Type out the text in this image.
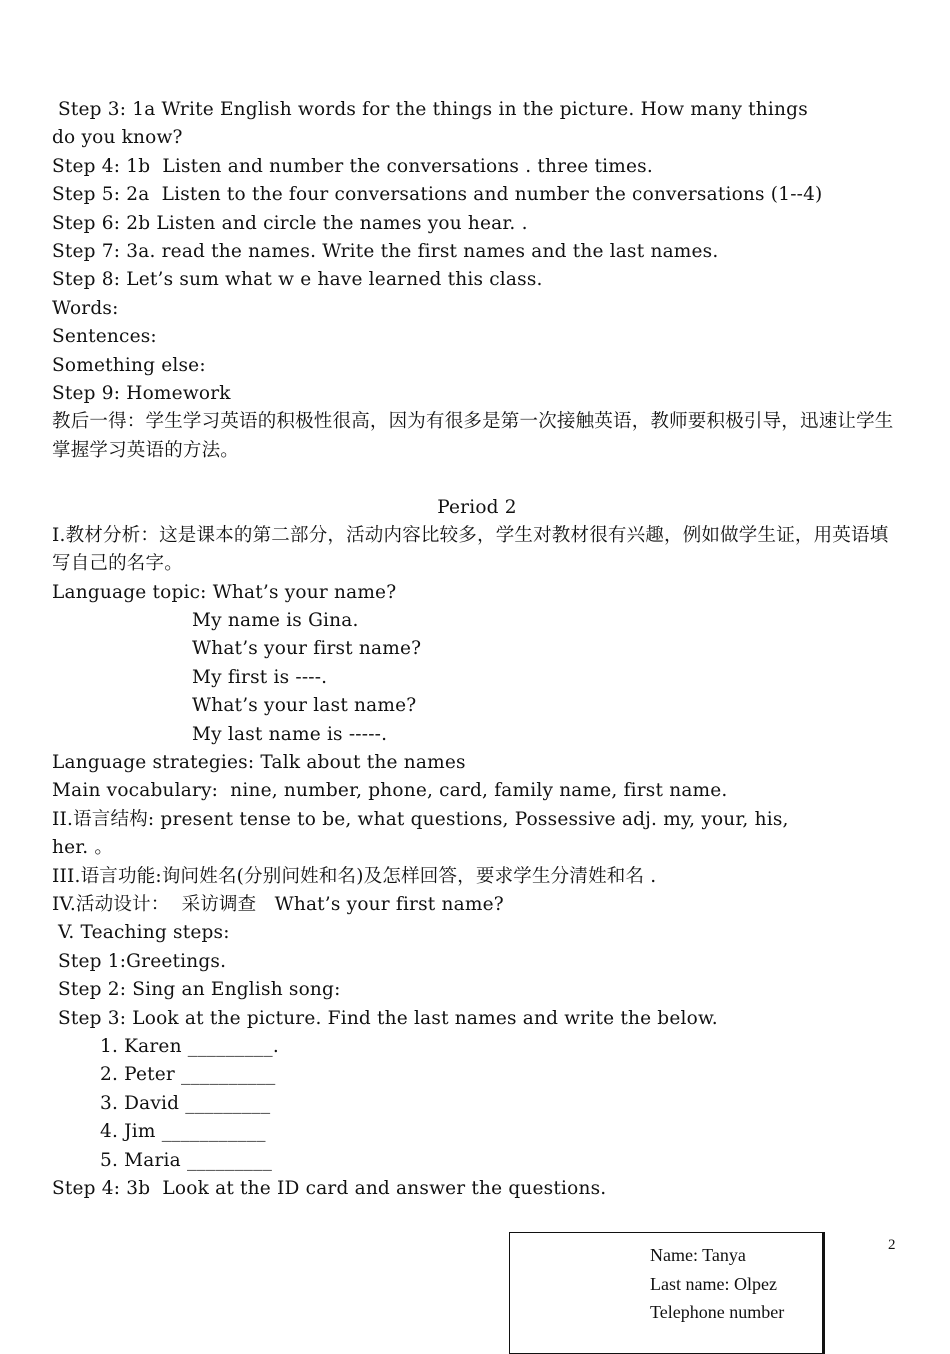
Step 3: 1a Write English words for the things in the picture. How many things

do you know?

Step 4: 1b  Listen and number the conversations . three times.

Step 5: 2a  Listen to the four conversations and number the conversations (1--4)

Step 6: 2b Listen and circle the names you hear. .

Step 7: 3a. read the names. Write the first names and the last names.

Step 8: Let’s sum what w e have learned this class.

Words:

Sentences:

Something else:

Step 9: Homework

教后一得：学生学习英语的积极性很高，因为有很多是第一次接触英语，教师要积极引导，迅速让学生掌握学习英语的方法。

Period 2

I.教材分析：这是课本的第二部分，活动内容比较多，学生对教材很有兴趣，例如做学生证，用英语填写自己的名字。

Language topic: What’s your name?

My name is Gina.

What’s your first name?

My first is ----.

What’s your last name?

My last name is -----.

Language strategies: Talk about the names

Main vocabulary:  nine, number, phone, card, family name, first name.

II.语言结构: present tense to be, what questions, Possessive adj. my, your, his,

her. 。

III.语言功能:询问姓名(分别问姓和名)及怎样回答，要求学生分清姓和名 .

IV.活动设计：  采访调查   What’s your first name?

V. Teaching steps:

Step 1:Greetings.

Step 2: Sing an English song:

Step 3: Look at the picture. Find the last names and write the below.

1. Karen _________.

2. Peter __________

3. David _________

4. Jim ___________

5. Maria _________

Step 4: 3b  Look at the ID card and answer the questions.

Name: Tanya
Last name: Olpez
Telephone number
2
